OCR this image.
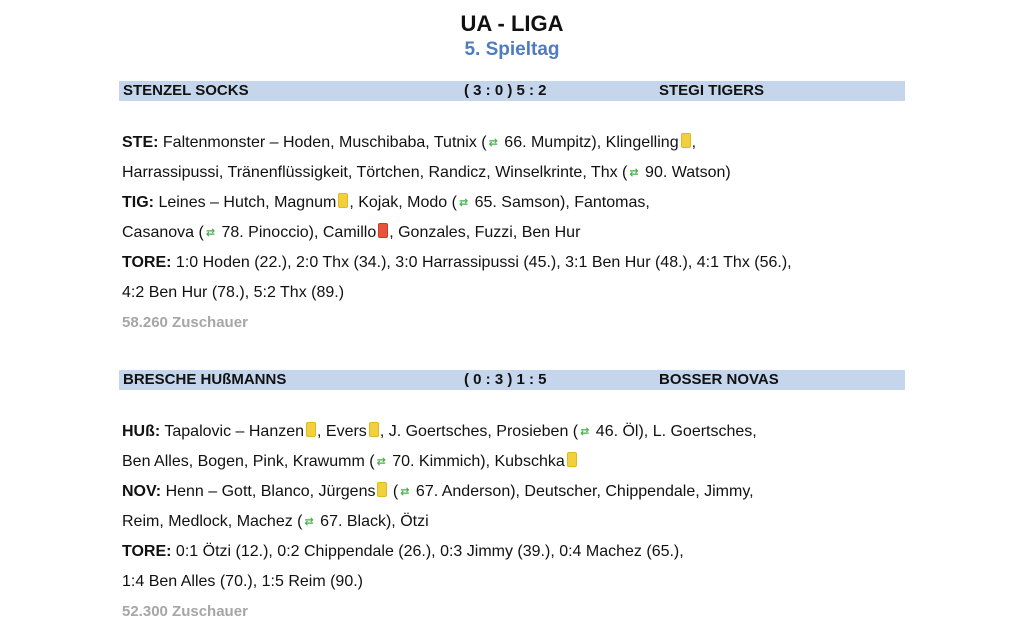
UA - LIGA
5. Spieltag
STENZEL SOCKS	( 3 : 0 ) 5 : 2	STEGI TIGERS
STE: Faltenmonster – Hoden, Muschibaba, Tutnix ( ⇄ 66. Mumpitz), Klingelling ,
Harrassipussi, Tränenflüssigkeit, Törtchen, Randicz, Winselkrinte, Thx ( ⇄ 90. Watson)
TIG: Leines – Hutch, Magnum , Kojak, Modo ( ⇄ 65. Samson), Fantomas,
Casanova ( ⇄ 78. Pinoccio), Camillo , Gonzales, Fuzzi, Ben Hur
TORE: 1:0 Hoden (22.), 2:0 Thx (34.), 3:0 Harrassipussi (45.), 3:1 Ben Hur (48.), 4:1 Thx (56.),
4:2 Ben Hur (78.), 5:2 Thx (89.)
58.260 Zuschauer
BRESCHE HUßMANNS	( 0 : 3 ) 1 : 5	BOSSER NOVAS
HUß: Tapalovic – Hanzen , Evers , J. Goertsches, Prosieben ( ⇄ 46. Öl), L. Goertsches,
Ben Alles, Bogen, Pink, Krawumm ( ⇄ 70. Kimmich), Kubschka
NOV: Henn – Gott, Blanco, Jürgens ( ⇄ 67. Anderson), Deutscher, Chippendale, Jimmy,
Reim, Medlock, Machez ( ⇄ 67. Black), Ötzi
TORE: 0:1 Ötzi (12.), 0:2 Chippendale (26.), 0:3 Jimmy (39.), 0:4 Machez (65.),
1:4 Ben Alles (70.), 1:5 Reim (90.)
52.300 Zuschauer
